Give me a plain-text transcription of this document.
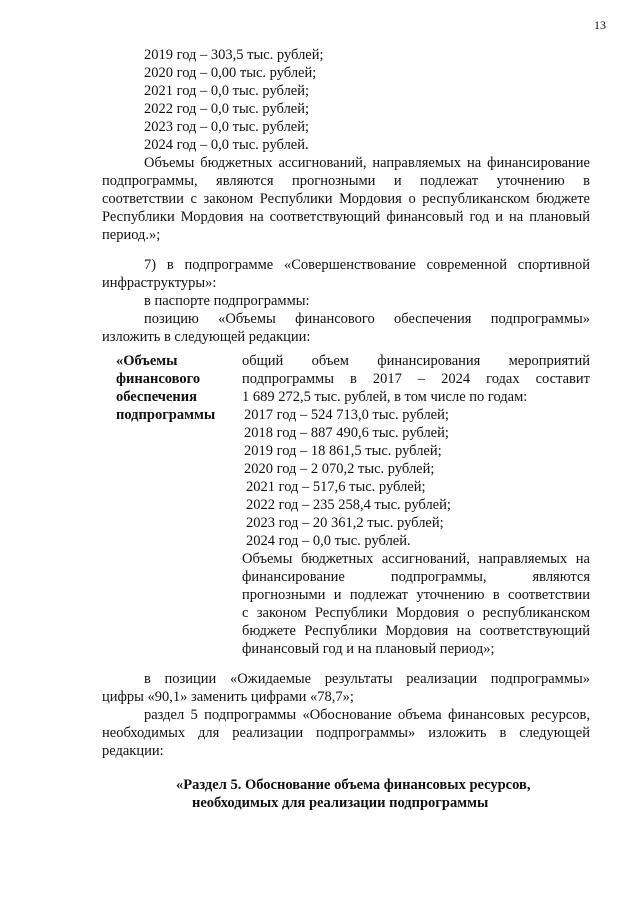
13
2019 год – 303,5 тыс. рублей;
2020 год – 0,00 тыс. рублей;
2021 год – 0,0 тыс. рублей;
2022 год – 0,0 тыс. рублей;
2023 год – 0,0 тыс. рублей;
2024 год – 0,0 тыс. рублей.
Объемы бюджетных ассигнований, направляемых на финансирование
подпрограммы, являются прогнозными и подлежат уточнению в
соответствии с законом Республики Мордовия о республиканском бюджете
Республики Мордовия на соответствующий финансовый год и на плановый
период.»;
7) в подпрограмме «Совершенствование современной спортивной
инфраструктуры»:
в паспорте подпрограммы:
позицию «Объемы финансового обеспечения подпрограммы»
изложить в следующей редакции:
«Объемы
финансового
обеспечения
подпрограммы
общий объем финансирования мероприятий
подпрограммы в 2017 – 2024 годах составит
1 689 272,5 тыс. рублей, в том числе по годам:
2017 год – 524 713,0 тыс. рублей;
2018 год – 887 490,6 тыс. рублей;
2019 год – 18 861,5 тыс. рублей;
2020 год – 2 070,2 тыс. рублей;
2021 год – 517,6 тыс. рублей;
2022 год – 235 258,4 тыс. рублей;
2023 год – 20 361,2 тыс. рублей;
2024 год – 0,0 тыс. рублей.
Объемы бюджетных ассигнований, направляемых на
финансирование подпрограммы, являются
прогнозными и подлежат уточнению в соответствии
с законом Республики Мордовия о республиканском
бюджете Республики Мордовия на соответствующий
финансовый год и на плановый период»;
в позиции «Ожидаемые результаты реализации подпрограммы»
цифры «90,1» заменить цифрами «78,7»;
раздел 5 подпрограммы «Обоснование объема финансовых ресурсов,
необходимых для реализации подпрограммы» изложить в следующей
редакции:
«Раздел 5. Обоснование объема финансовых ресурсов,
необходимых для реализации подпрограммы
